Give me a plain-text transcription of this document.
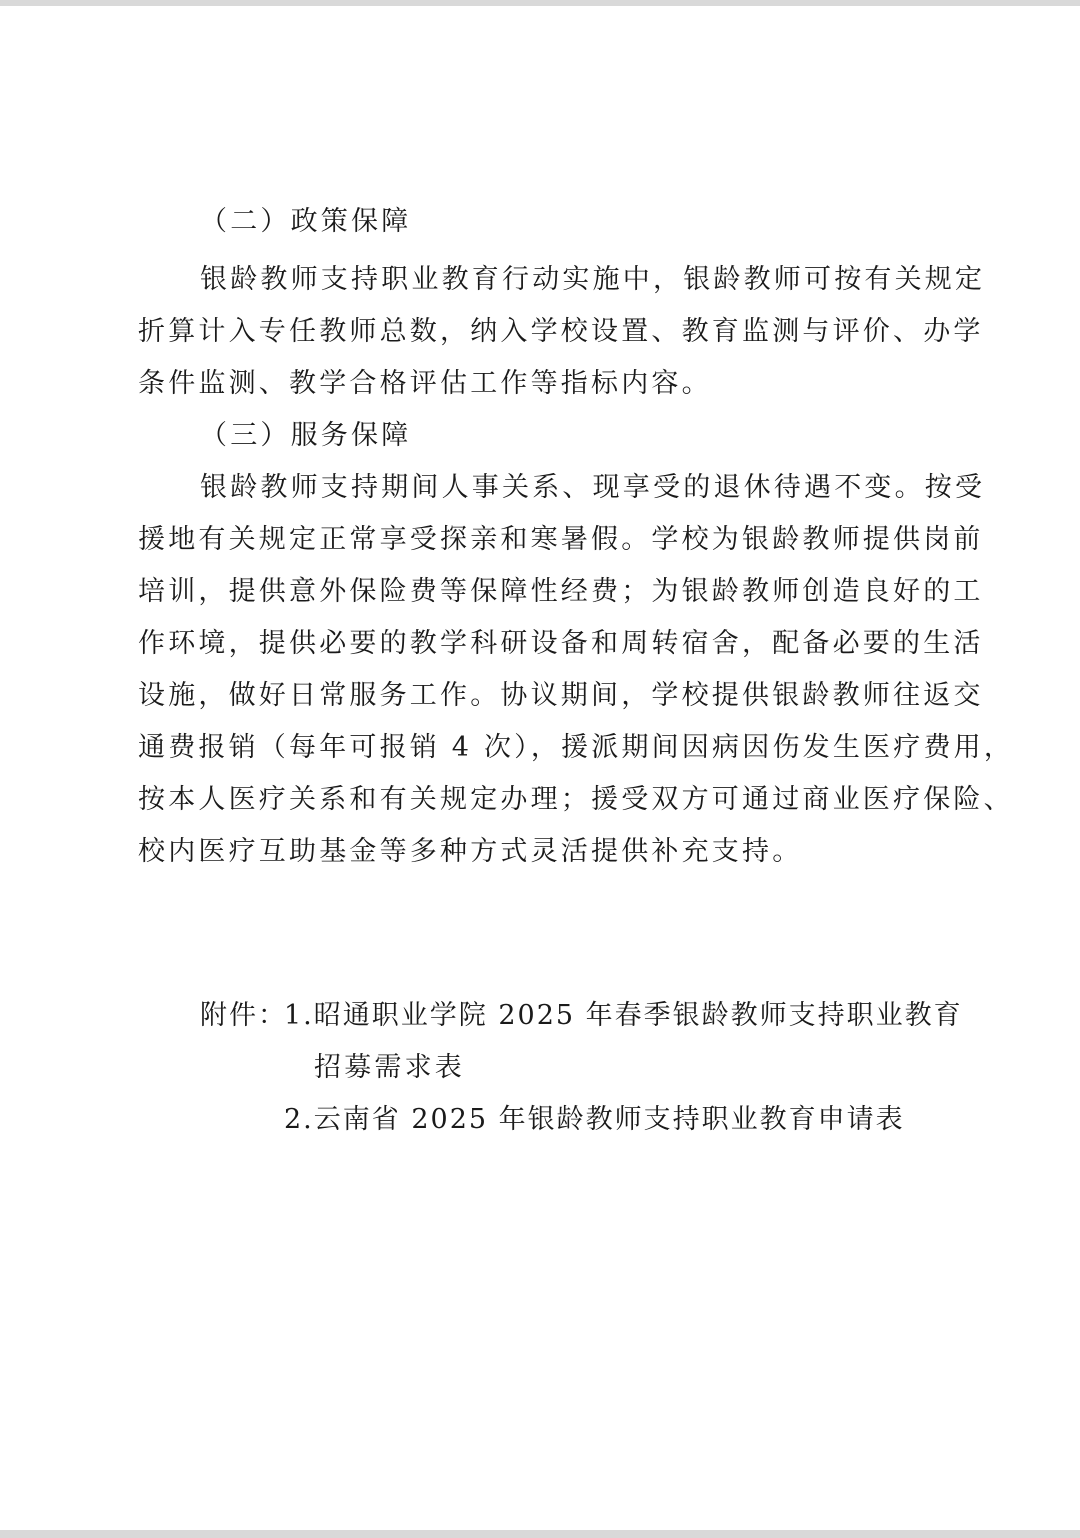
（二）政策保障
银龄教师支持职业教育行动实施中，银龄教师可按有关规定
折算计入专任教师总数，纳入学校设置、教育监测与评价、办学
条件监测、教学合格评估工作等指标内容。
（三）服务保障
银龄教师支持期间人事关系、现享受的退休待遇不变。按受
援地有关规定正常享受探亲和寒暑假。学校为银龄教师提供岗前
培训，提供意外保险费等保障性经费；为银龄教师创造良好的工
作环境，提供必要的教学科研设备和周转宿舍，配备必要的生活
设施，做好日常服务工作。协议期间，学校提供银龄教师往返交
通费报销（每年可报销 4 次），援派期间因病因伤发生医疗费用，
按本人医疗关系和有关规定办理；援受双方可通过商业医疗保险、
校内医疗互助基金等多种方式灵活提供补充支持。
附件：
1.昭通职业学院 2025 年春季银龄教师支持职业教育
招募需求表
2.云南省 2025 年银龄教师支持职业教育申请表
